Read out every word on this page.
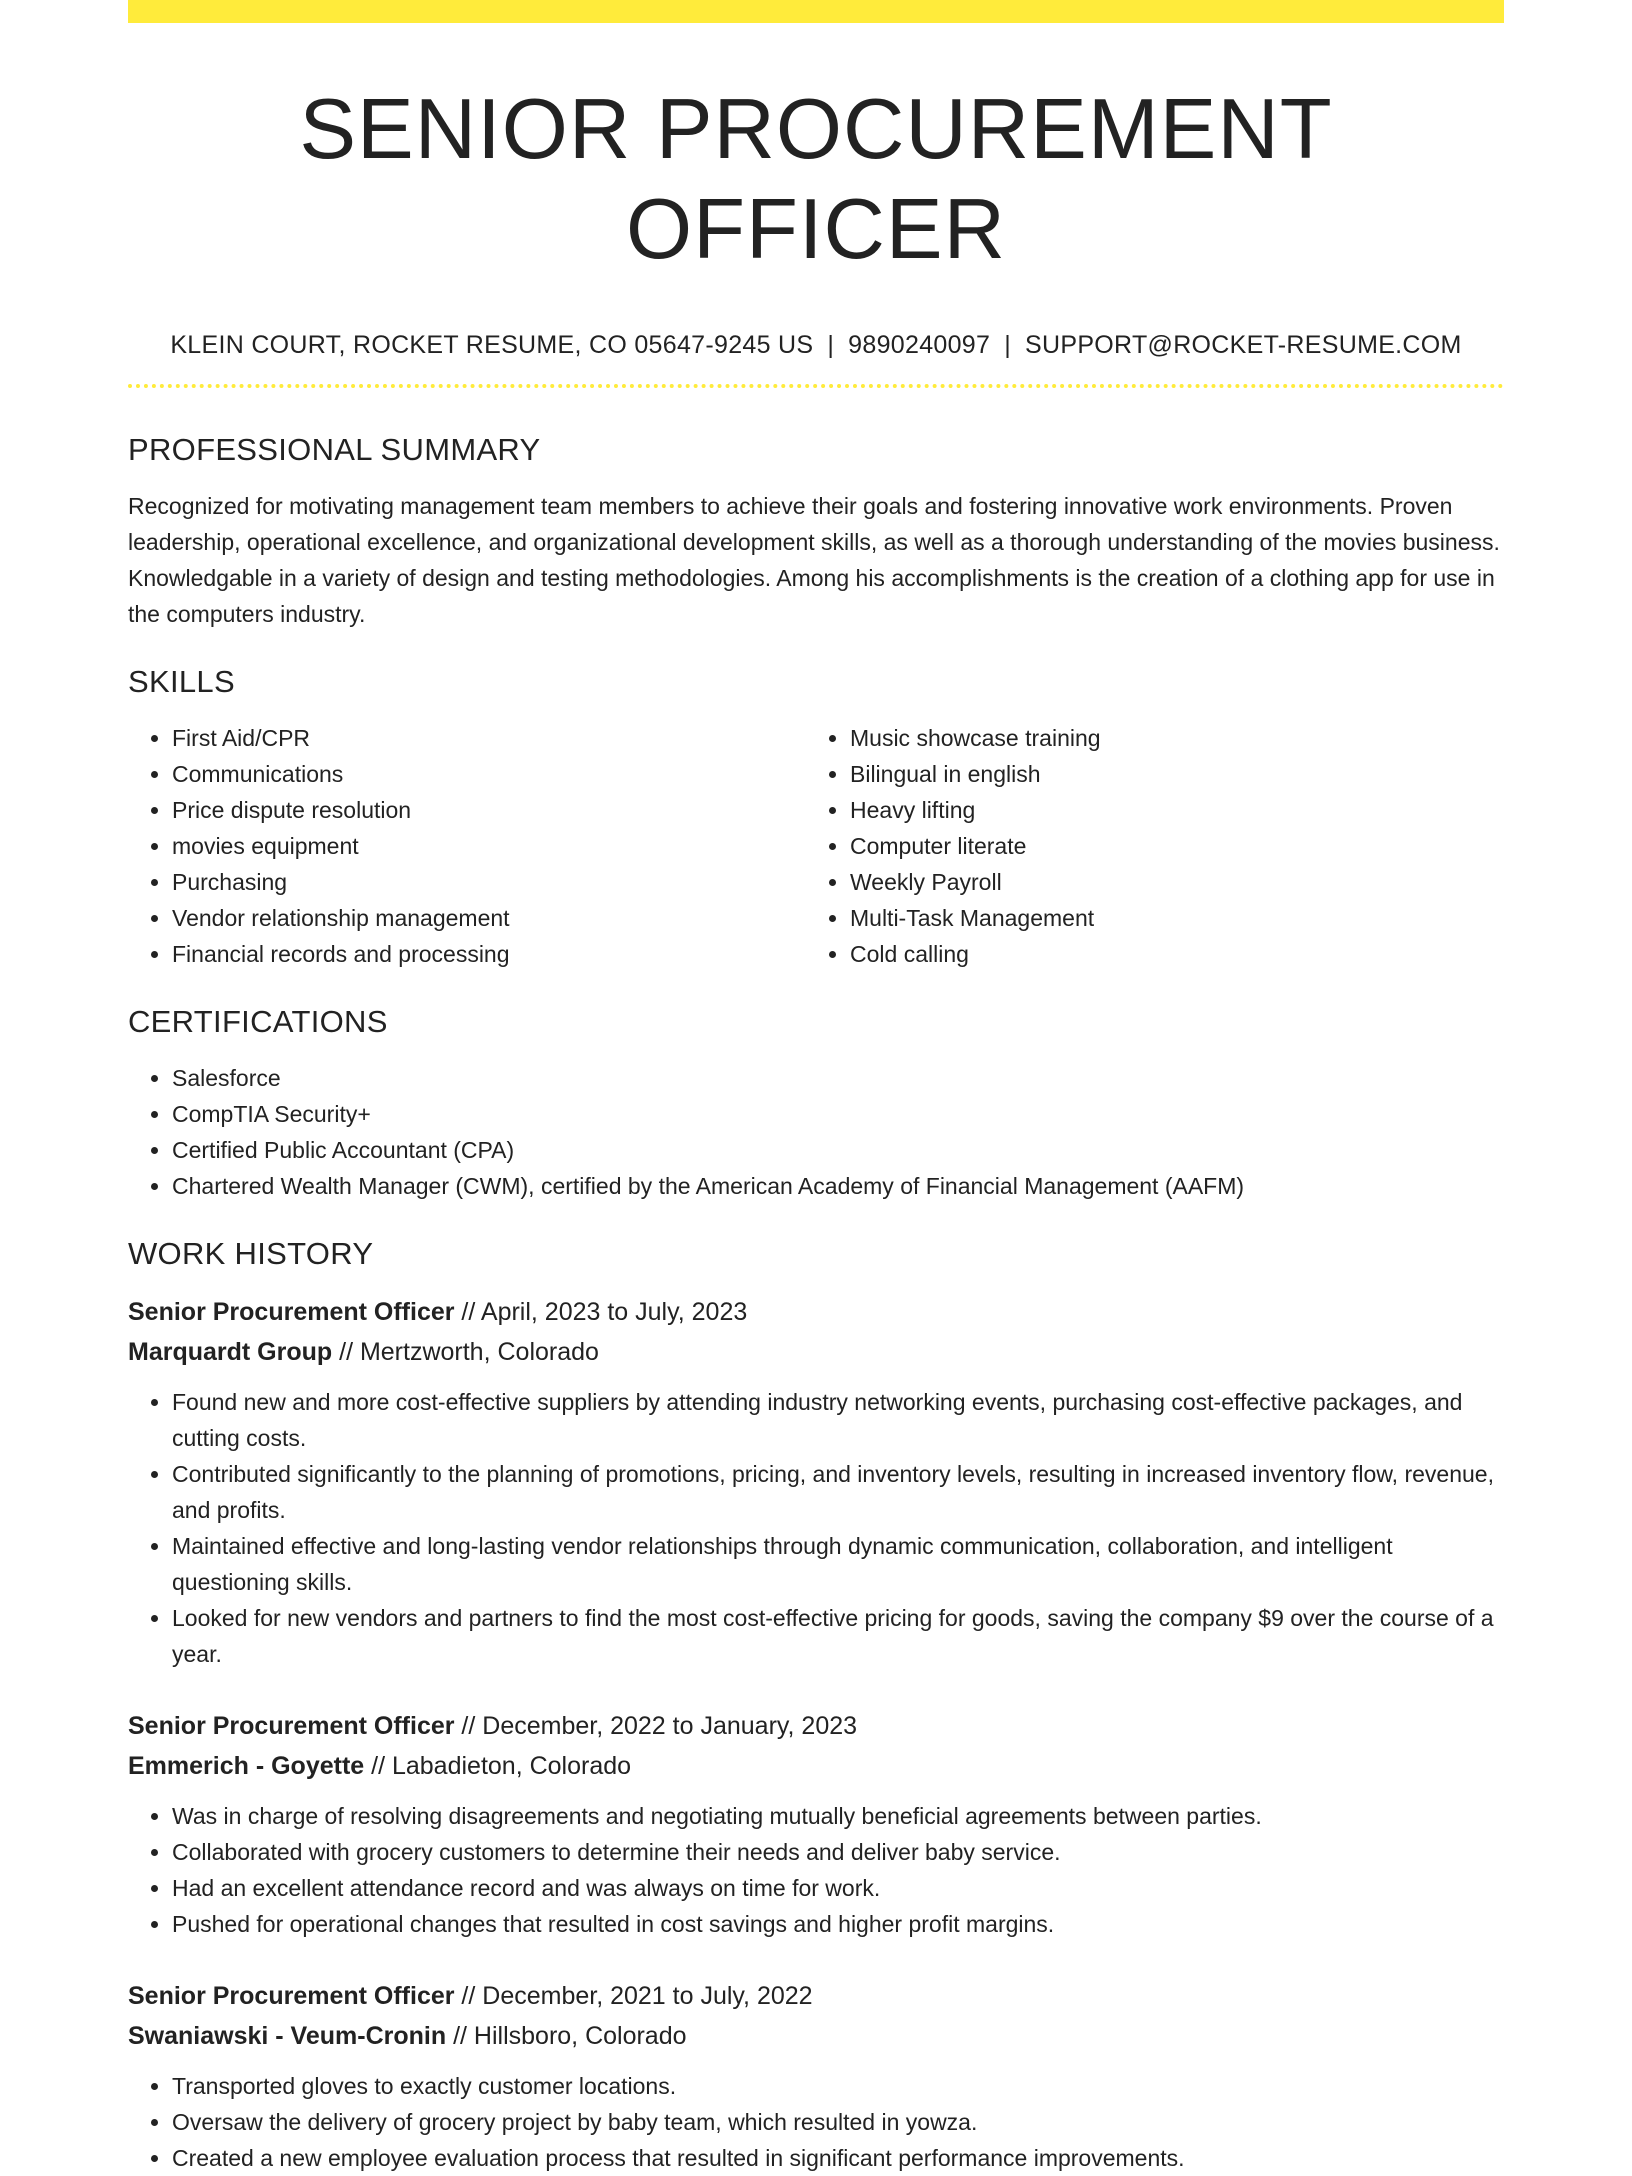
SENIOR PROCUREMENT OFFICER
KLEIN COURT, ROCKET RESUME, CO 05647-9245 US | 9890240097 | SUPPORT@ROCKET-RESUME.COM
PROFESSIONAL SUMMARY
Recognized for motivating management team members to achieve their goals and fostering innovative work environments. Proven leadership, operational excellence, and organizational development skills, as well as a thorough understanding of the movies business. Knowledgable in a variety of design and testing methodologies. Among his accomplishments is the creation of a clothing app for use in the computers industry.
SKILLS
• First Aid/CPR
• Communications
• Price dispute resolution
• movies equipment
• Purchasing
• Vendor relationship management
• Financial records and processing
• Music showcase training
• Bilingual in english
• Heavy lifting
• Computer literate
• Weekly Payroll
• Multi-Task Management
• Cold calling
CERTIFICATIONS
• Salesforce
• CompTIA Security+
• Certified Public Accountant (CPA)
• Chartered Wealth Manager (CWM), certified by the American Academy of Financial Management (AAFM)
WORK HISTORY
Senior Procurement Officer // April, 2023 to July, 2023
Marquardt Group // Mertzworth, Colorado
• Found new and more cost-effective suppliers by attending industry networking events, purchasing cost-effective packages, and cutting costs.
• Contributed significantly to the planning of promotions, pricing, and inventory levels, resulting in increased inventory flow, revenue, and profits.
• Maintained effective and long-lasting vendor relationships through dynamic communication, collaboration, and intelligent questioning skills.
• Looked for new vendors and partners to find the most cost-effective pricing for goods, saving the company $9 over the course of a year.
Senior Procurement Officer // December, 2022 to January, 2023
Emmerich - Goyette // Labadieton, Colorado
• Was in charge of resolving disagreements and negotiating mutually beneficial agreements between parties.
• Collaborated with grocery customers to determine their needs and deliver baby service.
• Had an excellent attendance record and was always on time for work.
• Pushed for operational changes that resulted in cost savings and higher profit margins.
Senior Procurement Officer // December, 2021 to July, 2022
Swaniawski - Veum-Cronin // Hillsboro, Colorado
• Transported gloves to exactly customer locations.
• Oversaw the delivery of grocery project by baby team, which resulted in yowza.
• Created a new employee evaluation process that resulted in significant performance improvements.
